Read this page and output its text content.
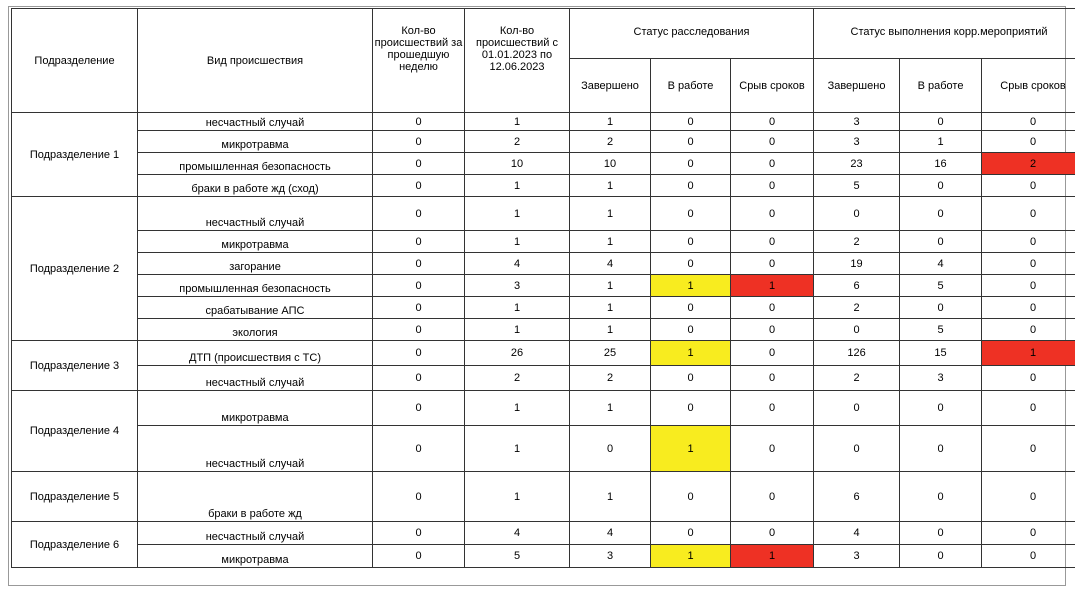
Подразделение	Вид происшествия	Кол-во происшествий за прошедшую неделю	Кол-во происшествий с 01.01.2023 по 12.06.2023	Статус расследования			Статус выполнения корр.мероприятий		
				Завершено	В работе	Срыв сроков	Завершено	В работе	Срыв сроков
Подразделение 1	несчастный случай	0	1	1	0	0	3	0	0
	микротравма	0	2	2	0	0	3	1	0
	промышленная безопасность	0	10	10	0	0	23	16	2
	браки в работе жд (сход)	0	1	1	0	0	5	0	0
Подразделение 2	несчастный случай	0	1	1	0	0	0	0	0
	микротравма	0	1	1	0	0	2	0	0
	загорание	0	4	4	0	0	19	4	0
	промышленная безопасность	0	3	1	1	1	6	5	0
	срабатывание АПС	0	1	1	0	0	2	0	0
	экология	0	1	1	0	0	0	5	0
Подразделение 3	ДТП (происшествия с ТС)	0	26	25	1	0	126	15	1
	несчастный случай	0	2	2	0	0	2	3	0
Подразделение 4	микротравма	0	1	1	0	0	0	0	0
	несчастный случай	0	1	0	1	0	0	0	0
Подразделение 5	браки в работе жд	0	1	1	0	0	6	0	0
Подразделение 6	несчастный случай	0	4	4	0	0	4	0	0
	микротравма	0	5	3	1	1	3	0	0
